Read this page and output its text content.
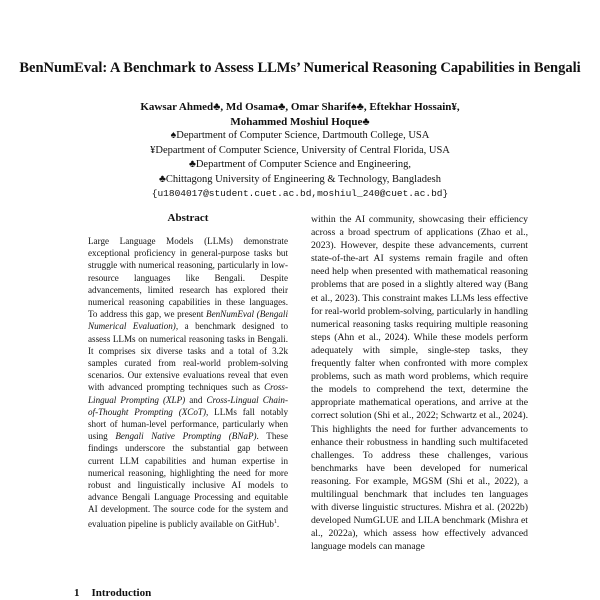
BenNumEval: A Benchmark to Assess LLMs’ Numerical Reasoning Capabilities in Bengali
Kawsar Ahmed♣, Md Osama♣, Omar Sharif♠♣, Eftekhar Hossain¥,
Mohammed Moshiul Hoque♣
♠Department of Computer Science, Dartmouth College, USA
¥Department of Computer Science, University of Central Florida, USA
♣Department of Computer Science and Engineering,
♣Chittagong University of Engineering & Technology, Bangladesh
{u1804017@student.cuet.ac.bd,moshiul_240@cuet.ac.bd}
Abstract
Large Language Models (LLMs) demonstrate exceptional proficiency in general-purpose tasks but struggle with numerical reasoning, particularly in low-resource languages like Bengali. Despite advancements, limited research has explored their numerical reasoning capabilities in these languages. To address this gap, we present BenNumEval (Bengali Numerical Evaluation), a benchmark designed to assess LLMs on numerical reasoning tasks in Bengali. It comprises six diverse tasks and a total of 3.2k samples curated from real-world problem-solving scenarios. Our extensive evaluations reveal that even with advanced prompting techniques such as Cross-Lingual Prompting (XLP) and Cross-Lingual Chain-of-Thought Prompting (XCoT), LLMs fall notably short of human-level performance, particularly when using Bengali Native Prompting (BNaP). These findings underscore the substantial gap between current LLM capabilities and human expertise in numerical reasoning, highlighting the need for more robust and linguistically inclusive AI models to advance Bengali Language Processing and equitable AI development. The source code for the system and evaluation pipeline is publicly available on GitHub$^1$.
1 Introduction
within the AI community, showcasing their efficiency across a broad spectrum of applications (Zhao et al., 2023). However, despite these advancements, current state-of-the-art AI systems remain fragile and often need help when presented with mathematical reasoning problems that are posed in a slightly altered way (Bang et al., 2023). This constraint makes LLMs less effective for real-world problem-solving, particularly in handling numerical reasoning tasks requiring multiple reasoning steps (Ahn et al., 2024). While these models perform adequately with simple, single-step tasks, they frequently falter when confronted with more complex problems, such as math word problems, which require the models to comprehend the text, determine the appropriate mathematical operations, and arrive at the correct solution (Shi et al., 2022; Schwartz et al., 2024). This highlights the need for further advancements to enhance their robustness in handling such multifaceted challenges. To address these challenges, various benchmarks have been developed for numerical reasoning. For example, MGSM (Shi et al., 2022), a multilingual benchmark that includes ten languages with diverse linguistic structures. Mishra et al. (2022b) developed NumGLUE and LILA benchmark (Mishra et al., 2022a), which assess how effectively advanced language models can manage
